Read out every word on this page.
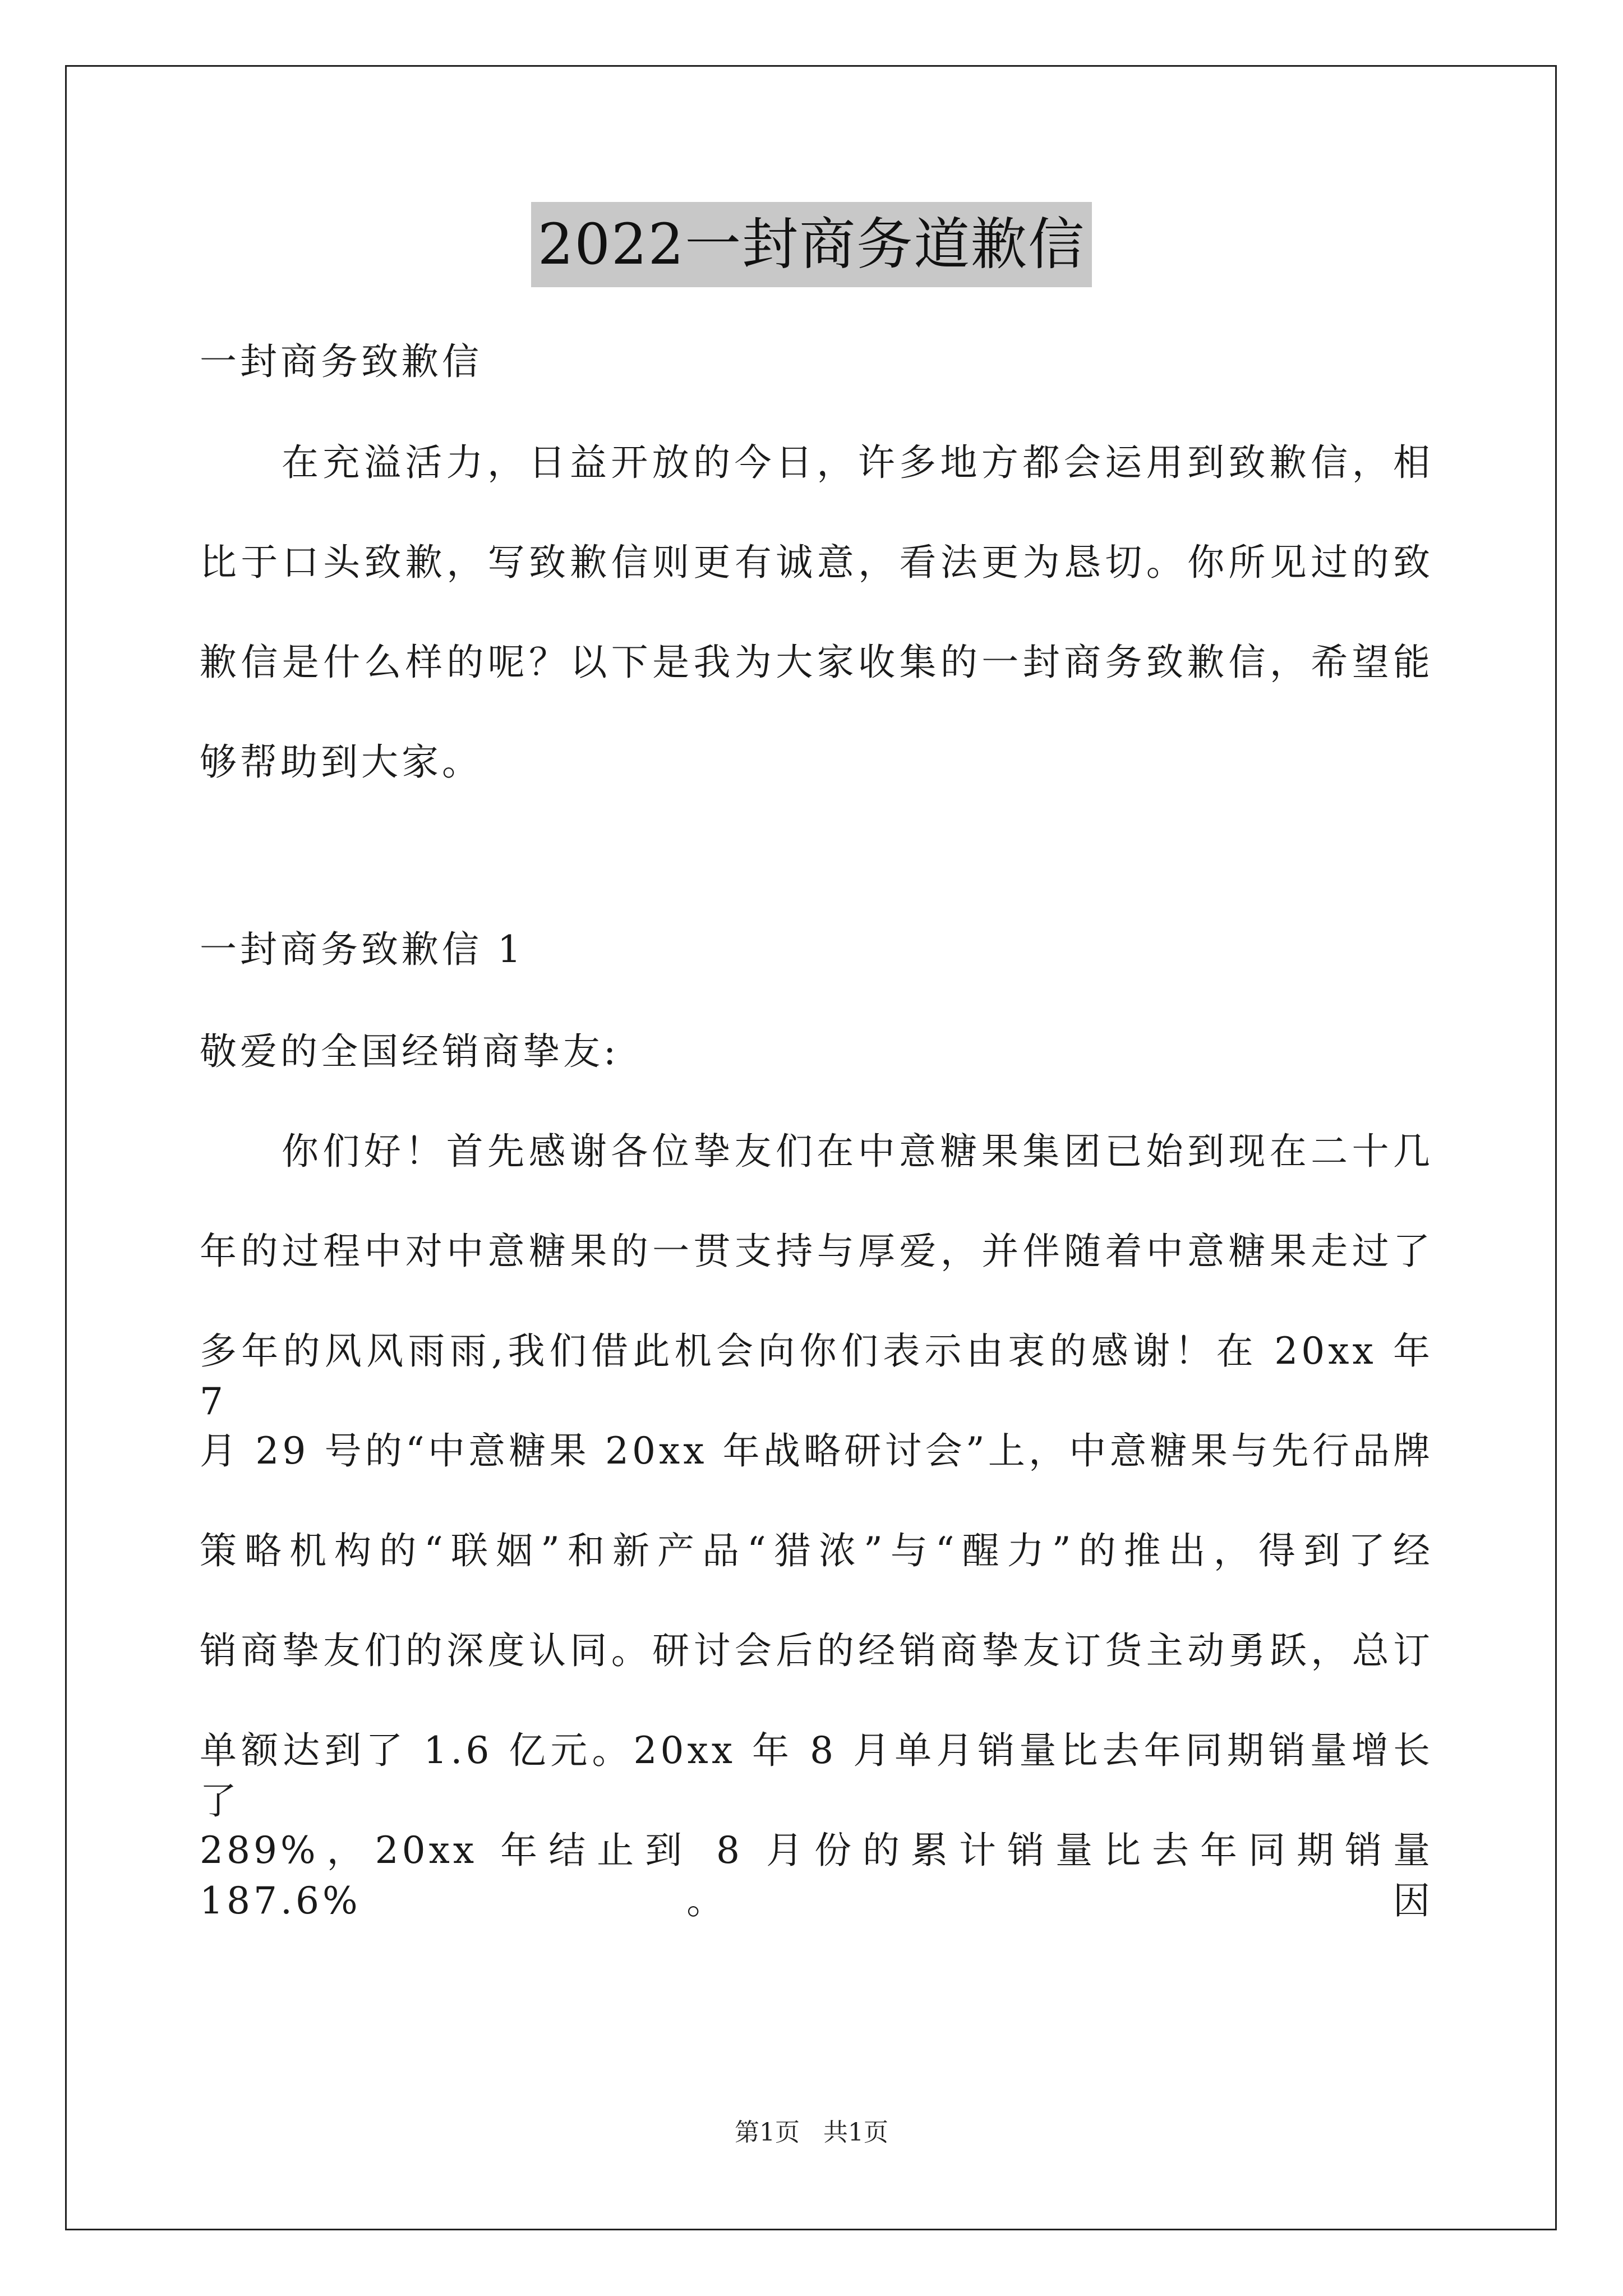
2022一封商务道歉信
一封商务致歉信
在充溢活力，日益开放的今日，许多地方都会运用到致歉信，相
比于口头致歉，写致歉信则更有诚意，看法更为恳切。你所见过的致
歉信是什么样的呢？以下是我为大家收集的一封商务致歉信，希望能
够帮助到大家。
一封商务致歉信 1
敬爱的全国经销商挚友:
你们好！首先感谢各位挚友们在中意糖果集团已始到现在二十几
年的过程中对中意糖果的一贯支持与厚爱，并伴随着中意糖果走过了
多年的风风雨雨,我们借此机会向你们表示由衷的感谢！在 20xx 年 7
月 29 号的“中意糖果 20xx 年战略研讨会”上，中意糖果与先行品牌
策略机构的“联姻”和新产品“猎浓”与“醒力”的推出，得到了经
销商挚友们的深度认同。研讨会后的经销商挚友订货主动勇跃，总订
单额达到了 1.6 亿元。20xx 年 8 月单月销量比去年同期销量增长了
289%，20xx 年结止到 8 月份的累计销量比去年同期销量 187.6%。 因
第1页 共1页
